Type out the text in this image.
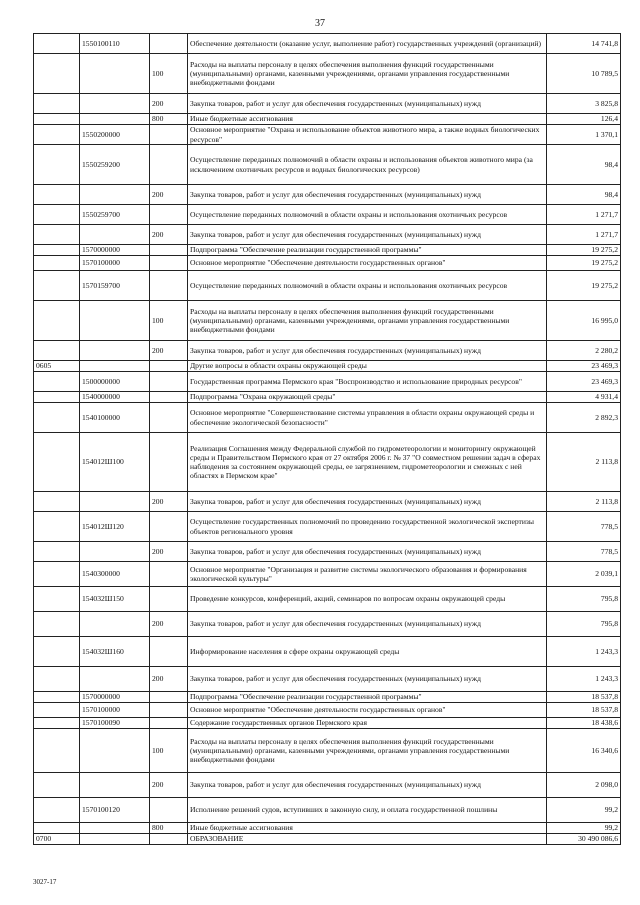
37
	1550100110		Обеспечение деятельности (оказание услуг, выполнение работ) государственных учреждений (организаций)	14 741,8
		100	Расходы на выплаты персоналу в целях обеспечения выполнения функций государственными (муниципальными) органами, казенными учреждениями, органами управления государственными внебюджетными фондами	10 789,5
		200	Закупка товаров, работ и услуг для обеспечения государственных (муниципальных) нужд	3 825,8
		800	Иные бюджетные ассигнования	126,4
	1550200000		Основное мероприятие "Охрана и использование объектов животного мира, а также водных биологических ресурсов"	1 370,1
	1550259200		Осуществление переданных полномочий в области охраны и использования объектов животного мира (за исключением охотничьих ресурсов и водных биологических ресурсов)	98,4
		200	Закупка товаров, работ и услуг для обеспечения государственных (муниципальных) нужд	98,4
	1550259700		Осуществление переданных полномочий в области охраны и использования охотничьих ресурсов	1 271,7
		200	Закупка товаров, работ и услуг для обеспечения государственных (муниципальных) нужд	1 271,7
	1570000000		Подпрограмма "Обеспечение реализации государственной программы"	19 275,2
	1570100000		Основное мероприятие "Обеспечение деятельности государственных органов"	19 275,2
	1570159700		Осуществление переданных полномочий в области охраны и использования охотничьих ресурсов	19 275,2
		100	Расходы на выплаты персоналу в целях обеспечения выполнения функций государственными (муниципальными) органами, казенными учреждениями, органами управления государственными внебюджетными фондами	16 995,0
		200	Закупка товаров, работ и услуг для обеспечения государственных (муниципальных) нужд	2 280,2
0605			Другие вопросы в области охраны окружающей среды	23 469,3
	1500000000		Государственная программа Пермского края "Воспроизводство и использование природных ресурсов"	23 469,3
	1540000000		Подпрограмма "Охрана окружающей среды"	4 931,4
	1540100000		Основное мероприятие "Совершенствование системы управления в области охраны окружающей среды и обеспечение экологической безопасности"	2 892,3
	154012Ш100		Реализация Соглашения между Федеральной службой по гидрометеорологии и мониторингу окружающей среды и Правительством Пермского края от 27 октября 2006 г. № 37 "О совместном решении задач в сферах наблюдения за состоянием окружающей среды, ее загрязнением, гидрометеорологии и смежных с ней областях в Пермском крае"	2 113,8
		200	Закупка товаров, работ и услуг для обеспечения государственных (муниципальных) нужд	2 113,8
	154012Ш120		Осуществление государственных полномочий по проведению государственной экологической экспертизы объектов регионального уровня	778,5
		200	Закупка товаров, работ и услуг для обеспечения государственных (муниципальных) нужд	778,5
	1540300000		Основное мероприятие "Организация и развитие системы экологического образования и формирования экологической культуры"	2 039,1
	154032Ш150		Проведение конкурсов, конференций, акций, семинаров по вопросам охраны окружающей среды	795,8
		200	Закупка товаров, работ и услуг для обеспечения государственных (муниципальных) нужд	795,8
	154032Ш160		Информирование населения в сфере охраны окружающей среды	1 243,3
		200	Закупка товаров, работ и услуг для обеспечения государственных (муниципальных) нужд	1 243,3
	1570000000		Подпрограмма "Обеспечение реализации государственной программы"	18 537,8
	1570100000		Основное мероприятие "Обеспечение деятельности государственных органов"	18 537,8
	1570100090		Содержание государственных органов Пермского края	18 438,6
		100	Расходы на выплаты персоналу в целях обеспечения выполнения функций государственными (муниципальными) органами, казенными учреждениями, органами управления государственными внебюджетными фондами	16 340,6
		200	Закупка товаров, работ и услуг для обеспечения государственных (муниципальных) нужд	2 098,0
	1570100120		Исполнение решений судов, вступивших в законную силу, и оплата государственной пошлины	99,2
		800	Иные бюджетные ассигнования	99,2
0700			ОБРАЗОВАНИЕ	30 490 086,6
3027-17
